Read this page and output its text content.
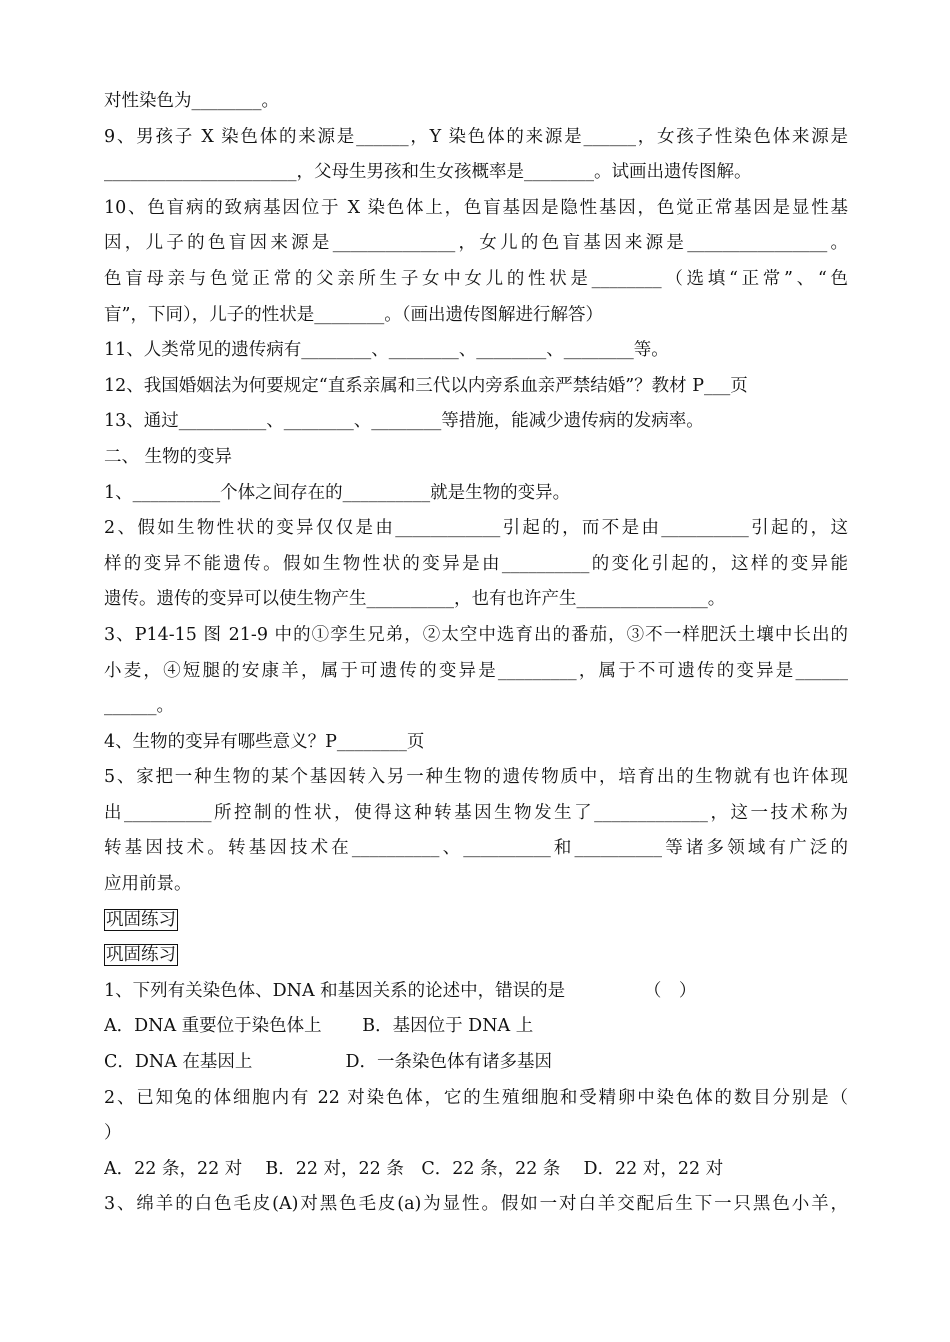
对性染色为________。
9、男孩子 X 染色体的来源是______，Y 染色体的来源是______，女孩子性染色体来源是
______________________，父母生男孩和生女孩概率是________。试画出遗传图解。
10、色盲病的致病基因位于 X 染色体上，色盲基因是隐性基因，色觉正常基因是显性基
因，儿子的色盲因来源是______________，女儿的色盲基因来源是________________。
色盲母亲与色觉正常的父亲所生子女中女儿的性状是________（选填“正常”、“色
盲”，下同），儿子的性状是________。（画出遗传图解进行解答）
11、人类常见的遗传病有________、________、________、________等。
12、我国婚姻法为何要规定“直系亲属和三代以内旁系血亲严禁结婚”？教材 P___页
13、通过__________、________、________等措施，能减少遗传病的发病率。
二、 生物的变异
1、__________个体之间存在的__________就是生物的变异。
2、假如生物性状的变异仅仅是由____________引起的，而不是由__________引起的，这
样的变异不能遗传。假如生物性状的变异是由__________的变化引起的，这样的变异能
遗传。遗传的变异可以使生物产生__________，也有也许产生_______________。
3、P14-15 图 21-9 中的①孪生兄弟，②太空中选育出的番茄，③不一样肥沃土壤中长出的
小麦，④短腿的安康羊，属于可遗传的变异是_________，属于不可遗传的变异是______
______。
4、生物的变异有哪些意义？P________页
5、家把一种生物的某个基因转入另一种生物的遗传物质中，培育出的生物就有也许体现
出__________所控制的性状，使得这种转基因生物发生了_____________，这一技术称为
转基因技术。转基因技术在__________、__________和__________等诸多领域有广泛的
应用前景。
巩固练习
巩固练习
1、下列有关染色体、DNA 和基因关系的论述中，错误的是　　　　　（　）
A．DNA 重要位于染色体上　　 B．基因位于 DNA 上
C．DNA 在基因上　　　　　 D．一条染色体有诸多基因
2、已知兔的体细胞内有 22 对染色体，它的生殖细胞和受精卵中染色体的数目分别是（
）
A．22 条，22 对　 B．22 对，22 条　C．22 条，22 条　 D．22 对，22 对
3、绵羊的白色毛皮(A)对黑色毛皮(a)为显性。假如一对白羊交配后生下一只黑色小羊，
